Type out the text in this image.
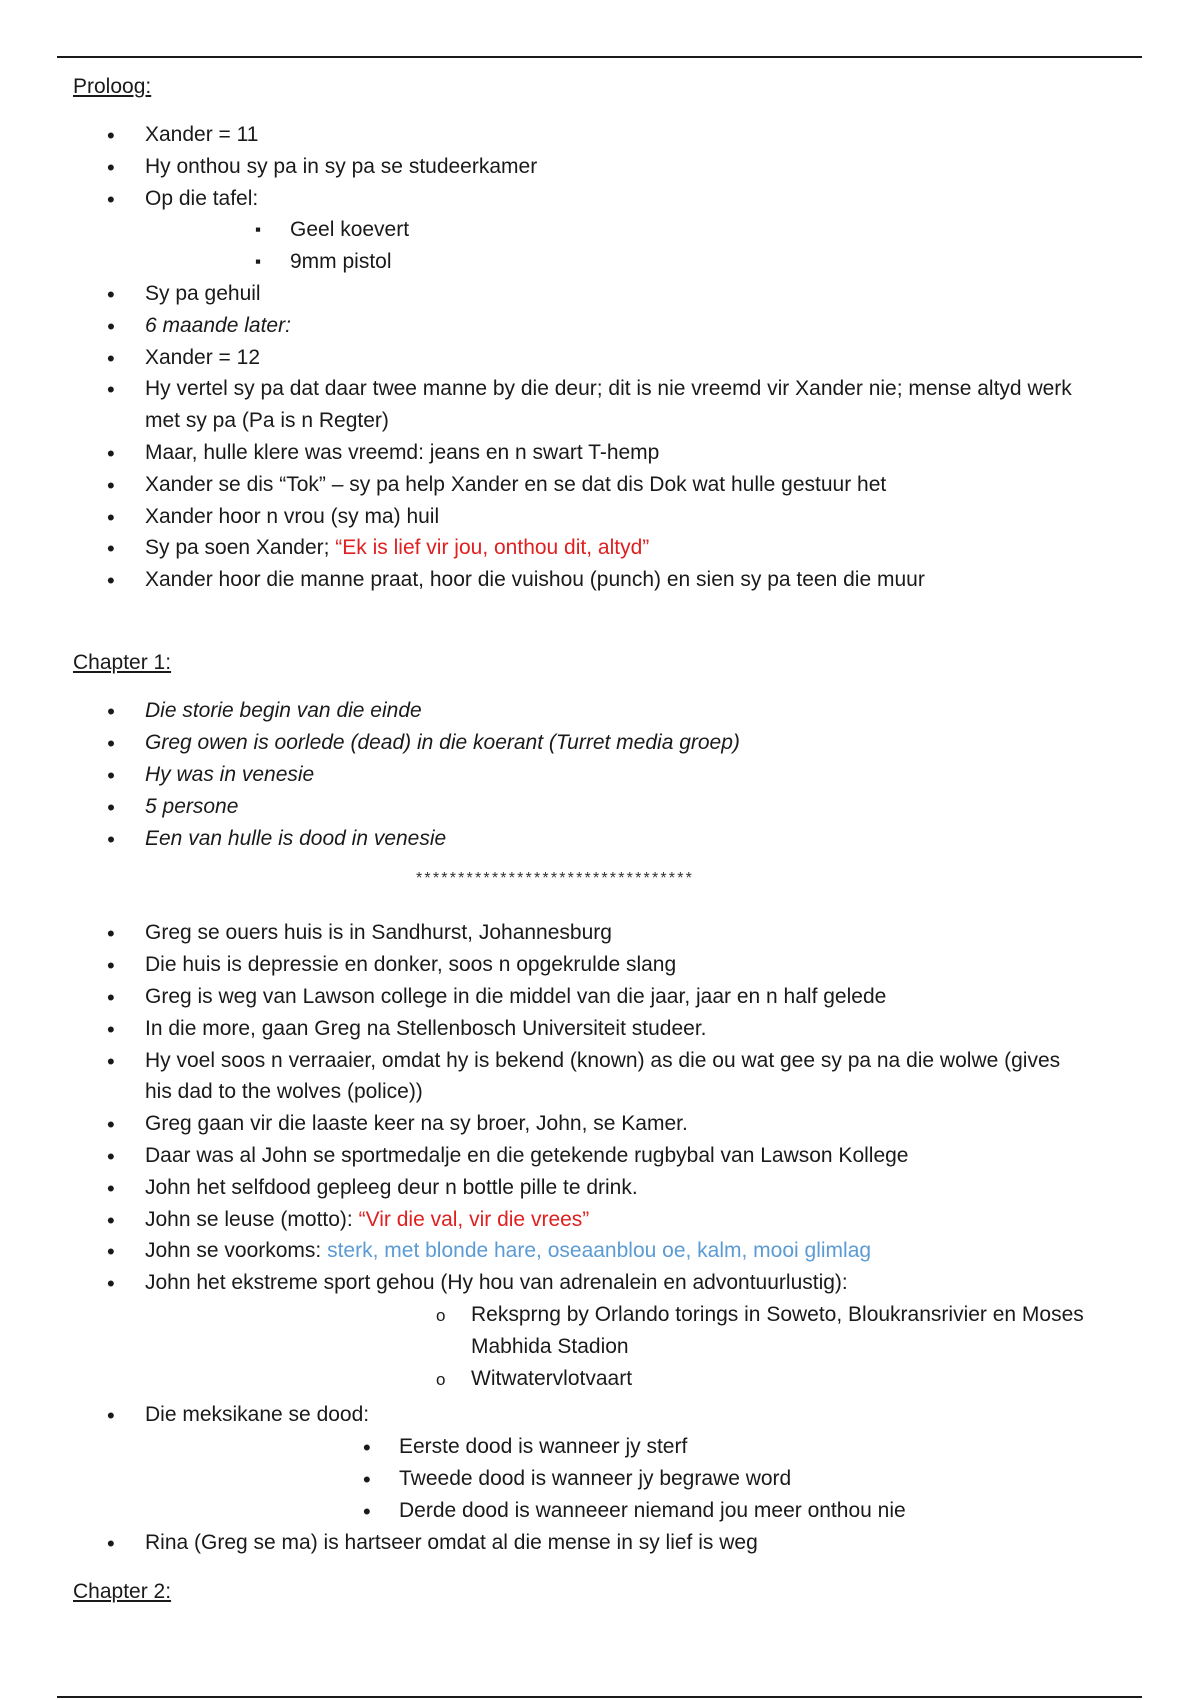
Proloog:
• Xander = 11
• Hy onthou sy pa in sy pa se studeerkamer
• Op die tafel:
▪ Geel koevert
▪ 9mm pistol
• Sy pa gehuil
• 6 maande later:
• Xander = 12
• Hy vertel sy pa dat daar twee manne by die deur; dit is nie vreemd vir Xander nie; mense altyd werk
met sy pa (Pa is n Regter)
• Maar, hulle klere was vreemd: jeans en n swart T-hemp
• Xander se dis “Tok” – sy pa help Xander en se dat dis Dok wat hulle gestuur het
• Xander hoor n vrou (sy ma) huil
• Sy pa soen Xander; “Ek is lief vir jou, onthou dit, altyd”
• Xander hoor die manne praat, hoor die vuishou (punch) en sien sy pa teen die muur
Chapter 1:
• Die storie begin van die einde
• Greg owen is oorlede (dead) in die koerant (Turret media groep)
• Hy was in venesie
• 5 persone
• Een van hulle is dood in venesie
*********************************
• Greg se ouers huis is in Sandhurst, Johannesburg
• Die huis is depressie en donker, soos n opgekrulde slang
• Greg is weg van Lawson college in die middel van die jaar, jaar en n half gelede
• In die more, gaan Greg na Stellenbosch Universiteit studeer.
• Hy voel soos n verraaier, omdat hy is bekend (known) as die ou wat gee sy pa na die wolwe (gives
his dad to the wolves (police))
• Greg gaan vir die laaste keer na sy broer, John, se Kamer.
• Daar was al John se sportmedalje en die getekende rugbybal van Lawson Kollege
• John het selfdood gepleeg deur n bottle pille te drink.
• John se leuse (motto): “Vir die val, vir die vrees”
• John se voorkoms: sterk, met blonde hare, oseaanblou oe, kalm, mooi glimlag
• John het ekstreme sport gehou (Hy hou van adrenalein en advontuurlustig):
o Reksprng by Orlando torings in Soweto, Bloukransrivier en Moses
Mabhida Stadion
o Witwatervlotvaart
• Die meksikane se dood:
• Eerste dood is wanneer jy sterf
• Tweede dood is wanneer jy begrawe word
• Derde dood is wanneeer niemand jou meer onthou nie
• Rina (Greg se ma) is hartseer omdat al die mense in sy lief is weg
Chapter 2:
